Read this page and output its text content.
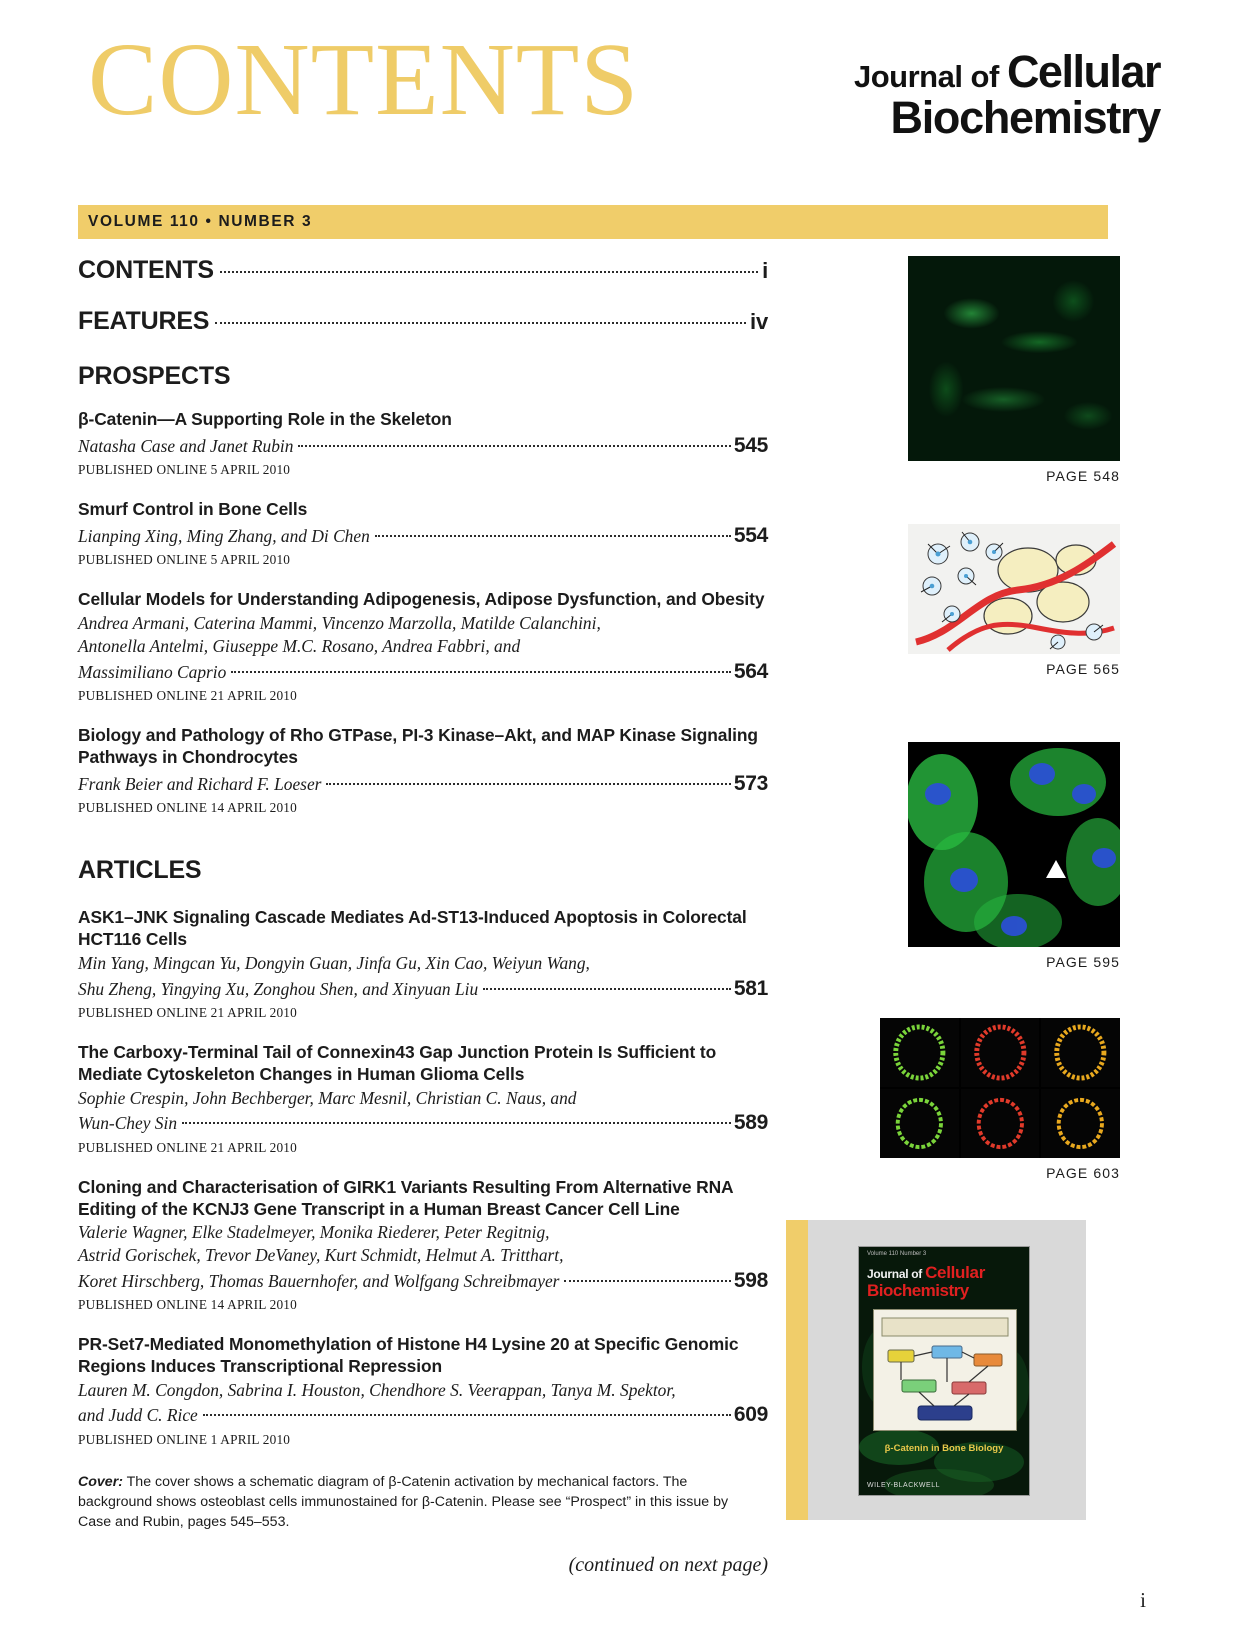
CONTENTS	Journal of Cellular
Biochemistry
VOLUME 110 • NUMBER 3
CONTENTS	i
FEATURES	iv
PROSPECTS
β-Catenin—A Supporting Role in the Skeleton
Natasha Case and Janet Rubin	545
PUBLISHED ONLINE 5 APRIL 2010
Smurf Control in Bone Cells
Lianping Xing, Ming Zhang, and Di Chen	554
PUBLISHED ONLINE 5 APRIL 2010
Cellular Models for Understanding Adipogenesis, Adipose Dysfunction, and Obesity
Andrea Armani, Caterina Mammi, Vincenzo Marzolla, Matilde Calanchini,
Antonella Antelmi, Giuseppe M.C. Rosano, Andrea Fabbri, and
Massimiliano Caprio	564
PUBLISHED ONLINE 21 APRIL 2010
Biology and Pathology of Rho GTPase, PI-3 Kinase–Akt, and MAP Kinase Signaling Pathways in Chondrocytes
Frank Beier and Richard F. Loeser	573
PUBLISHED ONLINE 14 APRIL 2010
ARTICLES
ASK1–JNK Signaling Cascade Mediates Ad-ST13-Induced Apoptosis in Colorectal HCT116 Cells
Min Yang, Mingcan Yu, Dongyin Guan, Jinfa Gu, Xin Cao, Weiyun Wang,
Shu Zheng, Yingying Xu, Zonghou Shen, and Xinyuan Liu	581
PUBLISHED ONLINE 21 APRIL 2010
The Carboxy-Terminal Tail of Connexin43 Gap Junction Protein Is Sufficient to Mediate Cytoskeleton Changes in Human Glioma Cells
Sophie Crespin, John Bechberger, Marc Mesnil, Christian C. Naus, and
Wun-Chey Sin	589
PUBLISHED ONLINE 21 APRIL 2010
Cloning and Characterisation of GIRK1 Variants Resulting From Alternative RNA Editing of the KCNJ3 Gene Transcript in a Human Breast Cancer Cell Line
Valerie Wagner, Elke Stadelmeyer, Monika Riederer, Peter Regitnig,
Astrid Gorischek, Trevor DeVaney, Kurt Schmidt, Helmut A. Tritthart,
Koret Hirschberg, Thomas Bauernhofer, and Wolfgang Schreibmayer	598
PUBLISHED ONLINE 14 APRIL 2010
PR-Set7-Mediated Monomethylation of Histone H4 Lysine 20 at Specific Genomic Regions Induces Transcriptional Repression
Lauren M. Congdon, Sabrina I. Houston, Chendhore S. Veerappan, Tanya M. Spektor,
and Judd C. Rice	609
PUBLISHED ONLINE 1 APRIL 2010
Cover: The cover shows a schematic diagram of β-Catenin activation by mechanical factors. The background shows osteoblast cells immunostained for β-Catenin. Please see “Prospect” in this issue by Case and Rubin, pages 545–553.
(continued on next page)
PAGE 548
PAGE 565
PAGE 595
PAGE 603
Volume 110 Number 3
Journal of Cellular
Biochemistry
β-Catenin in Bone Biology
WILEY-BLACKWELL
i
